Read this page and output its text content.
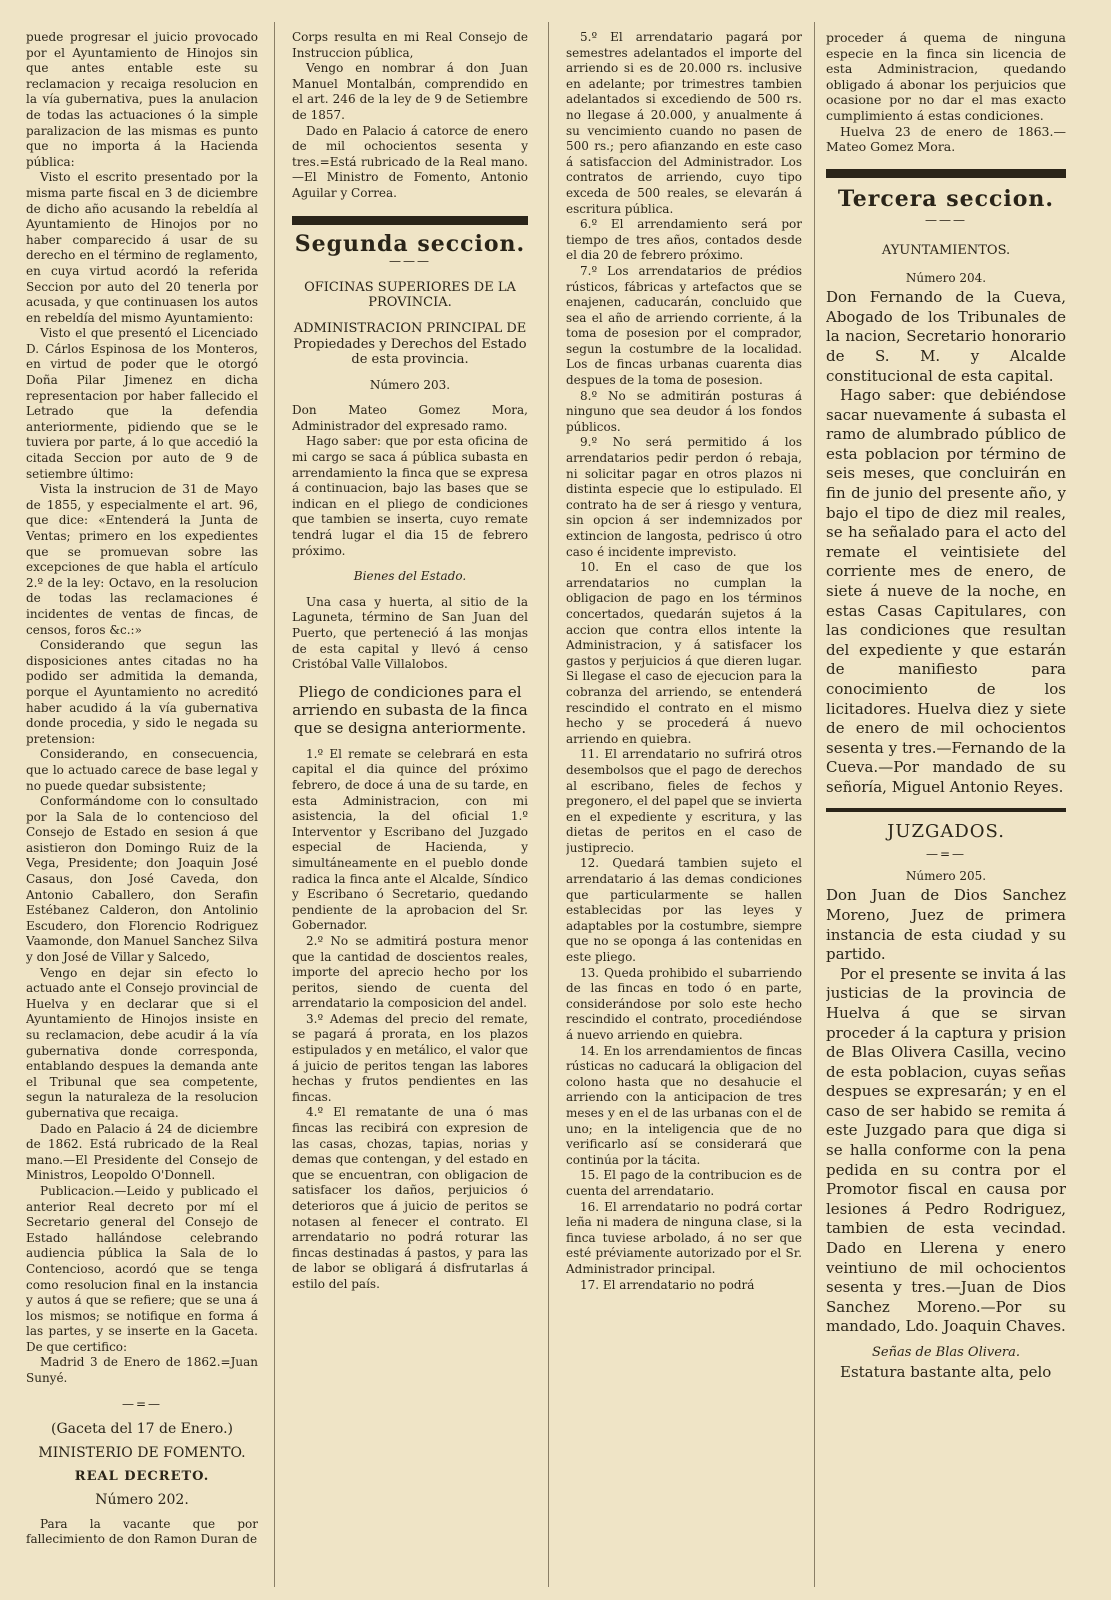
puede progresar el juicio provocado por el Ayuntamiento de Hinojos sin que antes entable este su reclamacion y recaiga resolucion en la vía gubernativa, pues la anulacion de todas las actuaciones ó la simple paralizacion de las mismas es punto que no importa á la Hacienda pública:

Visto el escrito presentado por la misma parte fiscal en 3 de diciembre de dicho año acusando la rebeldía al Ayuntamiento de Hinojos por no haber comparecido á usar de su derecho en el término de reglamento, en cuya virtud acordó la referida Seccion por auto del 20 tenerla por acusada, y que continuasen los autos en rebeldía del mismo Ayuntamiento:

Visto el que presentó el Licenciado D. Cárlos Espinosa de los Monteros, en virtud de poder que le otorgó Doña Pilar Jimenez en dicha representacion por haber fallecido el Letrado que la defendia anteriormente, pidiendo que se le tuviera por parte, á lo que accedió la citada Seccion por auto de 9 de setiembre último:

Vista la instrucion de 31 de Mayo de 1855, y especialmente el art. 96, que dice: «Entenderá la Junta de Ventas; primero en los expedientes que se promuevan sobre las excepciones de que habla el artículo 2.º de la ley: Octavo, en la resolucion de todas las reclamaciones é incidentes de ventas de fincas, de censos, foros &c.:»

Considerando que segun las disposiciones antes citadas no ha podido ser admitida la demanda, porque el Ayuntamiento no acreditó haber acudido á la vía gubernativa donde procedia, y sido le negada su pretension:

Considerando, en consecuencia, que lo actuado carece de base legal y no puede quedar subsistente;

Conformándome con lo consultado por la Sala de lo contencioso del Consejo de Estado en sesion á que asistieron don Domingo Ruiz de la Vega, Presidente; don Joaquin José Casaus, don José Caveda, don Antonio Caballero, don Serafin Estébanez Calderon, don Antolinio Escudero, don Florencio Rodriguez Vaamonde, don Manuel Sanchez Silva y don José de Villar y Salcedo,

Vengo en dejar sin efecto lo actuado ante el Consejo provincial de Huelva y en declarar que si el Ayuntamiento de Hinojos insiste en su reclamacion, debe acudir á la vía gubernativa donde corresponda, entablando despues la demanda ante el Tribunal que sea competente, segun la naturaleza de la resolucion gubernativa que recaiga.

Dado en Palacio á 24 de diciembre de 1862. Está rubricado de la Real mano.—El Presidente del Consejo de Ministros, Leopoldo O'Donnell.

Publicacion.—Leido y publicado el anterior Real decreto por mí el Secretario general del Consejo de Estado hallándose celebrando audiencia pública la Sala de lo Contencioso, acordó que se tenga como resolucion final en la instancia y autos á que se refiere; que se una á los mismos; se notifique en forma á las partes, y se inserte en la Gaceta. De que certifico:

Madrid 3 de Enero de 1862.=Juan Sunyé.

—=—

(Gaceta del 17 de Enero.)

MINISTERIO DE FOMENTO.

REAL DECRETO.

Número 202.

Para la vacante que por fallecimiento de don Ramon Duran de

Corps resulta en mi Real Consejo de Instruccion pública,

Vengo en nombrar á don Juan Manuel Montalbán, comprendido en el art. 246 de la ley de 9 de Setiembre de 1857.

Dado en Palacio á catorce de enero de mil ochocientos sesenta y tres.=Está rubricado de la Real mano.—El Ministro de Fomento, Antonio Aguilar y Correa.

Segunda seccion.

———

OFICINAS SUPERIORES DE LA PROVINCIA.

ADMINISTRACION PRINCIPAL DE Propiedades y Derechos del Estado de esta provincia.

Número 203.

Don Mateo Gomez Mora, Administrador del expresado ramo.

Hago saber: que por esta oficina de mi cargo se saca á pública subasta en arrendamiento la finca que se expresa á continuacion, bajo las bases que se indican en el pliego de condiciones que tambien se inserta, cuyo remate tendrá lugar el dia 15 de febrero próximo.

Bienes del Estado.

Una casa y huerta, al sitio de la Laguneta, término de San Juan del Puerto, que perteneció á las monjas de esta capital y llevó á censo Cristóbal Valle Villalobos.

Pliego de condiciones para el arriendo en subasta de la finca que se designa anteriormente.

1.º El remate se celebrará en esta capital el dia quince del próximo febrero, de doce á una de su tarde, en esta Administracion, con mi asistencia, la del oficial 1.º Interventor y Escribano del Juzgado especial de Hacienda, y simultáneamente en el pueblo donde radica la finca ante el Alcalde, Síndico y Escribano ó Secretario, quedando pendiente de la aprobacion del Sr. Gobernador.

2.º No se admitirá postura menor que la cantidad de doscientos reales, importe del aprecio hecho por los peritos, siendo de cuenta del arrendatario la composicion del andel.

3.º Ademas del precio del remate, se pagará á prorata, en los plazos estipulados y en metálico, el valor que á juicio de peritos tengan las labores hechas y frutos pendientes en las fincas.

4.º El rematante de una ó mas fincas las recibirá con expresion de las casas, chozas, tapias, norias y demas que contengan, y del estado en que se encuentran, con obligacion de satisfacer los daños, perjuicios ó deterioros que á juicio de peritos se notasen al fenecer el contrato. El arrendatario no podrá roturar las fincas destinadas á pastos, y para las de labor se obligará á disfrutarlas á estilo del país.

5.º El arrendatario pagará por semestres adelantados el importe del arriendo si es de 20.000 rs. inclusive en adelante; por trimestres tambien adelantados si excediendo de 500 rs. no llegase á 20.000, y anualmente á su vencimiento cuando no pasen de 500 rs.; pero afianzando en este caso á satisfaccion del Administrador. Los contratos de arriendo, cuyo tipo exceda de 500 reales, se elevarán á escritura pública.

6.º El arrendamiento será por tiempo de tres años, contados desde el dia 20 de febrero próximo.

7.º Los arrendatarios de prédios rústicos, fábricas y artefactos que se enajenen, caducarán, concluido que sea el año de arriendo corriente, á la toma de posesion por el comprador, segun la costumbre de la localidad. Los de fincas urbanas cuarenta dias despues de la toma de posesion.

8.º No se admitirán posturas á ninguno que sea deudor á los fondos públicos.

9.º No será permitido á los arrendatarios pedir perdon ó rebaja, ni solicitar pagar en otros plazos ni distinta especie que lo estipulado. El contrato ha de ser á riesgo y ventura, sin opcion á ser indemnizados por extincion de langosta, pedrisco ú otro caso é incidente imprevisto.

10. En el caso de que los arrendatarios no cumplan la obligacion de pago en los términos concertados, quedarán sujetos á la accion que contra ellos intente la Administracion, y á satisfacer los gastos y perjuicios á que dieren lugar. Si llegase el caso de ejecucion para la cobranza del arriendo, se entenderá rescindido el contrato en el mismo hecho y se procederá á nuevo arriendo en quiebra.

11. El arrendatario no sufrirá otros desembolsos que el pago de derechos al escribano, fieles de fechos y pregonero, el del papel que se invierta en el expediente y escritura, y las dietas de peritos en el caso de justiprecio.

12. Quedará tambien sujeto el arrendatario á las demas condiciones que particularmente se hallen establecidas por las leyes y adaptables por la costumbre, siempre que no se oponga á las contenidas en este pliego.

13. Queda prohibido el subarriendo de las fincas en todo ó en parte, considerándose por solo este hecho rescindido el contrato, procediéndose á nuevo arriendo en quiebra.

14. En los arrendamientos de fincas rústicas no caducará la obligacion del colono hasta que no desahucie el arriendo con la anticipacion de tres meses y en el de las urbanas con el de uno; en la inteligencia que de no verificarlo así se considerará que continúa por la tácita.

15. El pago de la contribucion es de cuenta del arrendatario.

16. El arrendatario no podrá cortar leña ni madera de ninguna clase, si la finca tuviese arbolado, á no ser que esté préviamente autorizado por el Sr. Administrador principal.

17. El arrendatario no podrá

proceder á quema de ninguna especie en la finca sin licencia de esta Administracion, quedando obligado á abonar los perjuicios que ocasione por no dar el mas exacto cumplimiento á estas condiciones.

Huelva 23 de enero de 1863.—Mateo Gomez Mora.

Tercera seccion.

———

AYUNTAMIENTOS.

Número 204.

Don Fernando de la Cueva, Abogado de los Tribunales de la nacion, Secretario honorario de S. M. y Alcalde constitucional de esta capital.

Hago saber: que debiéndose sacar nuevamente á subasta el ramo de alumbrado público de esta poblacion por término de seis meses, que concluirán en fin de junio del presente año, y bajo el tipo de diez mil reales, se ha señalado para el acto del remate el veintisiete del corriente mes de enero, de siete á nueve de la noche, en estas Casas Capitulares, con las condiciones que resultan del expediente y que estarán de manifiesto para conocimiento de los licitadores. Huelva diez y siete de enero de mil ochocientos sesenta y tres.—Fernando de la Cueva.—Por mandado de su señoría, Miguel Antonio Reyes.

JUZGADOS.

—=—

Número 205.

Don Juan de Dios Sanchez Moreno, Juez de primera instancia de esta ciudad y su partido.

Por el presente se invita á las justicias de la provincia de Huelva á que se sirvan proceder á la captura y prision de Blas Olivera Casilla, vecino de esta poblacion, cuyas señas despues se expresarán; y en el caso de ser habido se remita á este Juzgado para que diga si se halla conforme con la pena pedida en su contra por el Promotor fiscal en causa por lesiones á Pedro Rodriguez, tambien de esta vecindad. Dado en Llerena y enero veintiuno de mil ochocientos sesenta y tres.—Juan de Dios Sanchez Moreno.—Por su mandado, Ldo. Joaquin Chaves.

Señas de Blas Olivera.

Estatura bastante alta, pelo
